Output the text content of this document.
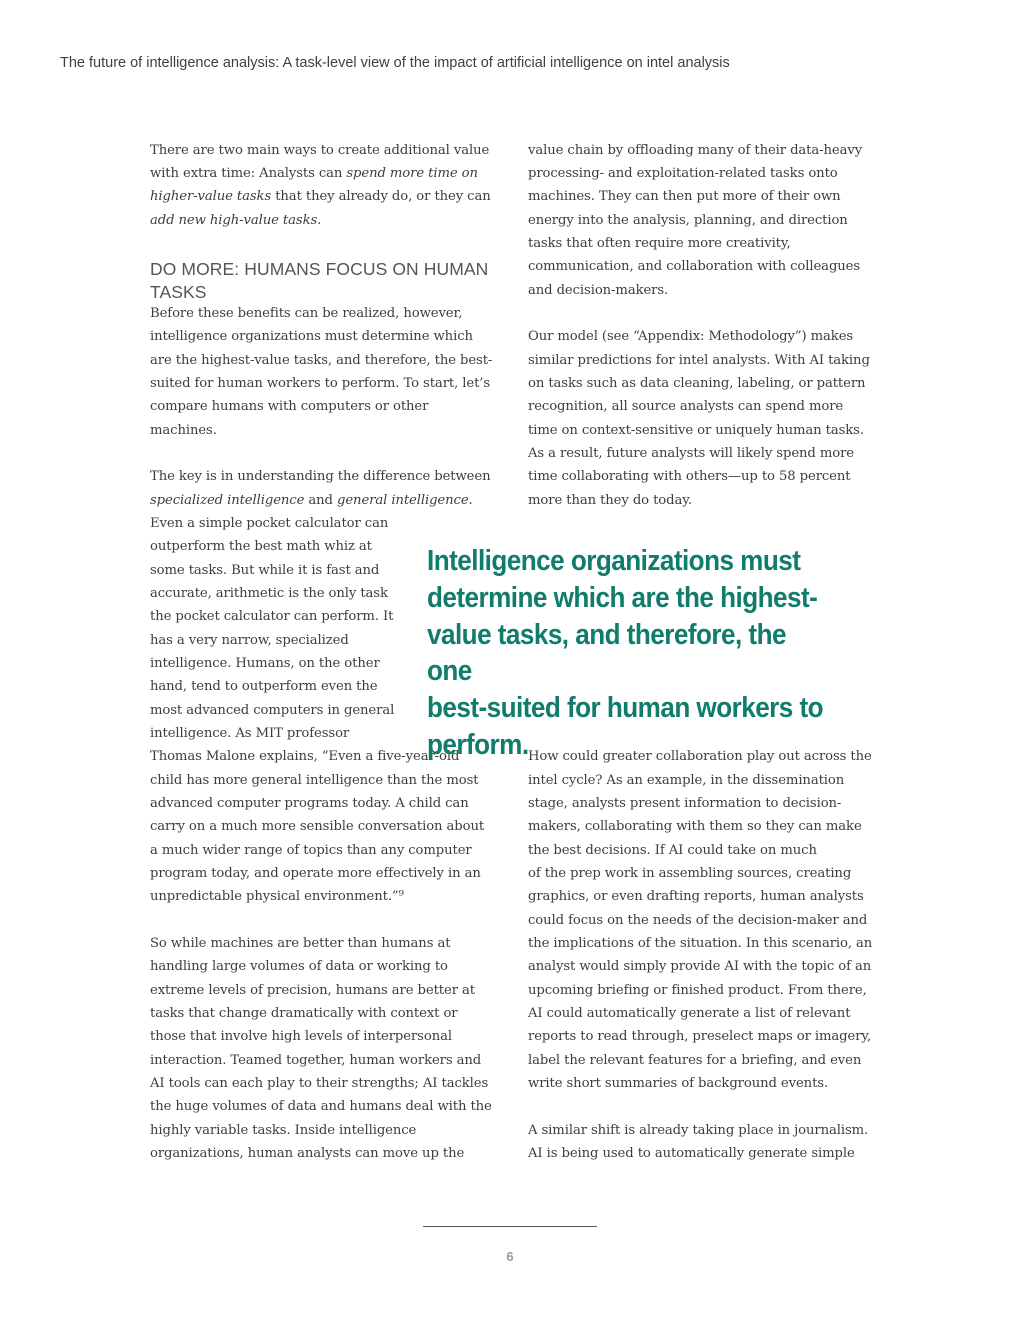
The future of intelligence analysis: A task-level view of the impact of artificial intelligence on intel analysis
There are two main ways to create additional value
with extra time: Analysts can spend more time on
higher-value tasks that they already do, or they can
add new high-value tasks.
DO MORE: HUMANS FOCUS ON HUMAN TASKS
Before these benefits can be realized, however,
intelligence organizations must determine which
are the highest-value tasks, and therefore, the best-
suited for human workers to perform. To start, let’s
compare humans with computers or other
machines.
The key is in understanding the difference between
specialized intelligence and general intelligence.
Even a simple pocket calculator can
outperform the best math whiz at
some tasks. But while it is fast and
accurate, arithmetic is the only task
the pocket calculator can perform. It
has a very narrow, specialized
intelligence. Humans, on the other
hand, tend to outperform even the
most advanced computers in general
intelligence. As MIT professor
Thomas Malone explains, “Even a five-year-old
child has more general intelligence than the most
advanced computer programs today. A child can
carry on a much more sensible conversation about
a much wider range of topics than any computer
program today, and operate more effectively in an
unpredictable physical environment.”⁹
So while machines are better than humans at
handling large volumes of data or working to
extreme levels of precision, humans are better at
tasks that change dramatically with context or
those that involve high levels of interpersonal
interaction. Teamed together, human workers and
AI tools can each play to their strengths; AI tackles
the huge volumes of data and humans deal with the
highly variable tasks. Inside intelligence
organizations, human analysts can move up the
value chain by offloading many of their data-heavy
processing- and exploitation-related tasks onto
machines. They can then put more of their own
energy into the analysis, planning, and direction
tasks that often require more creativity,
communication, and collaboration with colleagues
and decision-makers.
Our model (see “Appendix: Methodology”) makes
similar predictions for intel analysts. With AI taking
on tasks such as data cleaning, labeling, or pattern
recognition, all source analysts can spend more
time on context-sensitive or uniquely human tasks.
As a result, future analysts will likely spend more
time collaborating with others—up to 58 percent
more than they do today.
Intelligence organizations must
determine which are the highest-
value tasks, and therefore, the one
best-suited for human workers to
perform. How could greater collaboration play out across the
intel cycle? As an example, in the dissemination
stage, analysts present information to decision-
makers, collaborating with them so they can make
the best decisions. If AI could take on much
of the prep work in assembling sources, creating
graphics, or even drafting reports, human analysts
could focus on the needs of the decision-maker and
the implications of the situation. In this scenario, an
analyst would simply provide AI with the topic of an
upcoming briefing or finished product. From there,
AI could automatically generate a list of relevant
reports to read through, preselect maps or imagery,
label the relevant features for a briefing, and even
write short summaries of background events.
A similar shift is already taking place in journalism.
AI is being used to automatically generate simple
6
